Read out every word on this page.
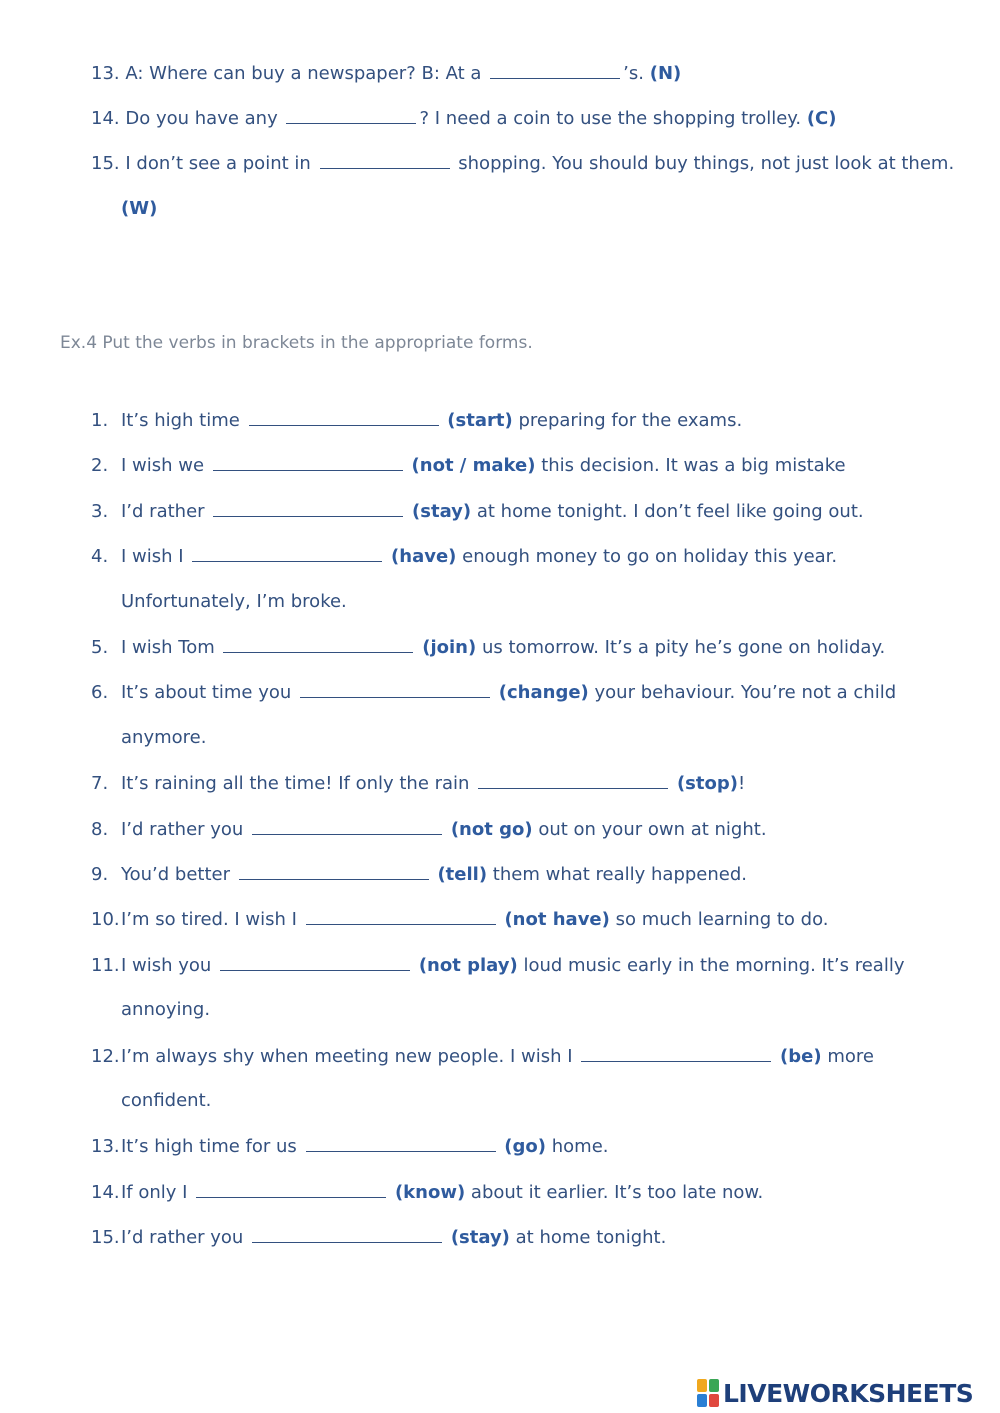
13. A: Where can buy a newspaper? B: At a	’s. (N)
14. Do you have any	? I need a coin to use the shopping trolley. (C)
15. I don’t see a point in	shopping. You should buy things, not just look at them.
(W)
Ex.4 Put the verbs in brackets in the appropriate forms.
1. It’s high time	(start) preparing for the exams.
2. I wish we	(not / make) this decision. It was a big mistake
3. I’d rather	(stay) at home tonight. I don’t feel like going out.
4. I wish I	(have) enough money to go on holiday this year.
Unfortunately, I’m broke.
5. I wish Tom	(join) us tomorrow. It’s a pity he’s gone on holiday.
6. It’s about time you	(change) your behaviour. You’re not a child
anymore.
7. It’s raining all the time! If only the rain	(stop)!
8. I’d rather you	(not go) out on your own at night.
9. You’d better	(tell) them what really happened.
10.I’m so tired. I wish I	(not have) so much learning to do.
11.I wish you	(not play) loud music early in the morning. It’s really
annoying.
12.I’m always shy when meeting new people. I wish I	(be) more
confident.
13.It’s high time for us	(go) home.
14.If only I	(know) about it earlier. It’s too late now.
15.I’d rather you	(stay) at home tonight.
LIVEWORKSHEETS
